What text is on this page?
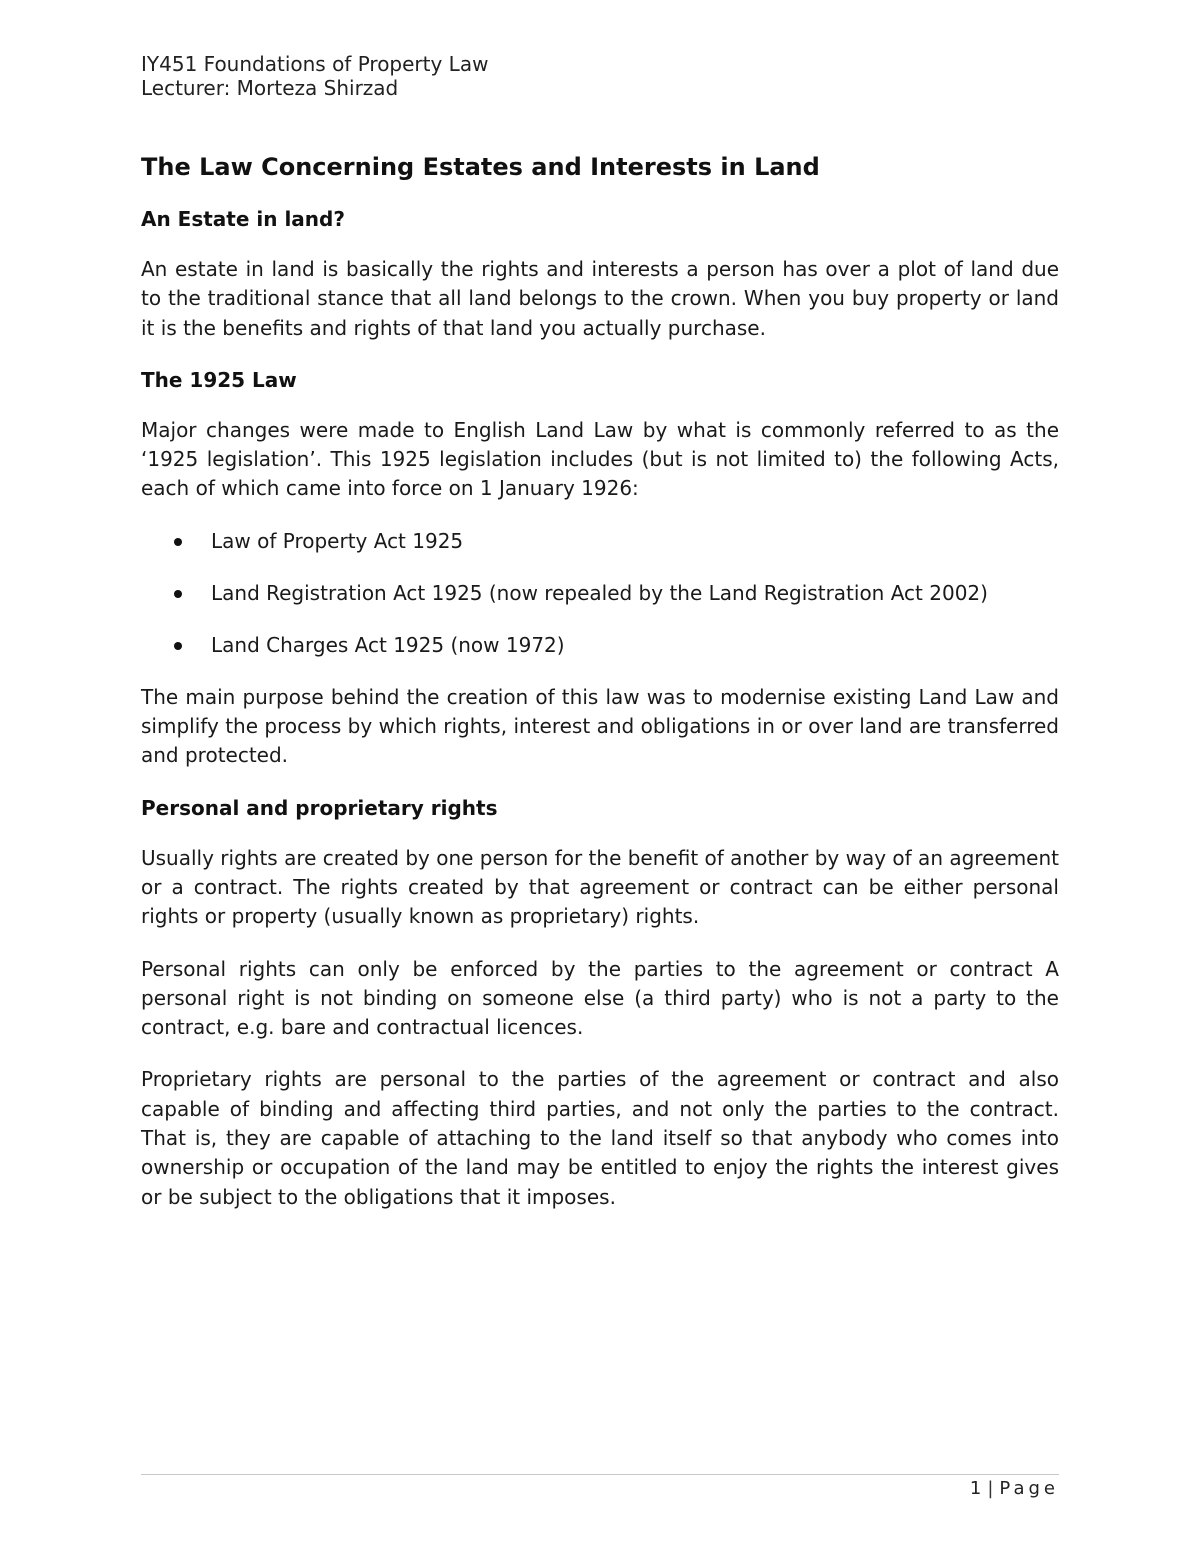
IY451 Foundations of Property Law
Lecturer: Morteza Shirzad
The Law Concerning Estates and Interests in Land
An Estate in land?

An estate in land is basically the rights and interests a person has over a plot of land due to the traditional stance that all land belongs to the crown. When you buy property or land it is the benefits and rights of that land you actually purchase.

The 1925 Law

Major changes were made to English Land Law by what is commonly referred to as the ‘1925 legislation’. This 1925 legislation includes (but is not limited to) the following Acts, each of which came into force on 1 January 1926:

Law of Property Act 1925
Land Registration Act 1925 (now repealed by the Land Registration Act 2002)
Land Charges Act 1925 (now 1972)

The main purpose behind the creation of this law was to modernise existing Land Law and simplify the process by which rights, interest and obligations in or over land are transferred and protected.

Personal and proprietary rights

Usually rights are created by one person for the benefit of another by way of an agreement or a contract. The rights created by that agreement or contract can be either personal rights or property (usually known as proprietary) rights.

Personal rights can only be enforced by the parties to the agreement or contract A personal right is not binding on someone else (a third party) who is not a party to the contract, e.g. bare and contractual licences.

Proprietary rights are personal to the parties of the agreement or contract and also capable of binding and affecting third parties, and not only the parties to the contract. That is, they are capable of attaching to the land itself so that anybody who comes into ownership or occupation of the land may be entitled to enjoy the rights the interest gives or be subject to the obligations that it imposes.

1 | Page
